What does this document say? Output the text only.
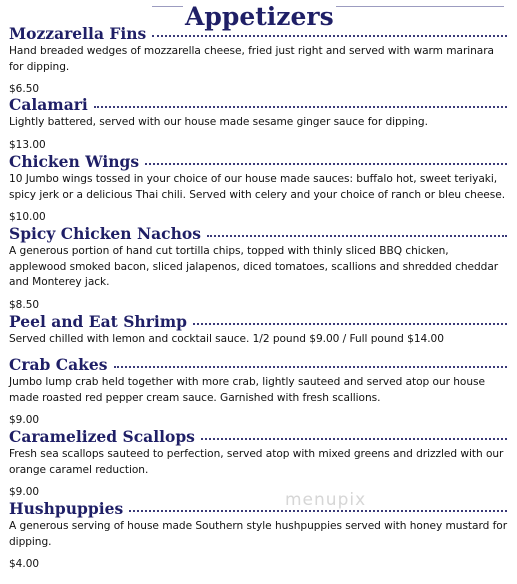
Appetizers
Mozzarella Fins

Hand breaded wedges of mozzarella cheese, fried just right and served with warm marinara for dipping.

$6.50
Calamari

Lightly battered, served with our house made sesame ginger sauce for dipping.

$13.00
Chicken Wings

10 Jumbo wings tossed in your choice of our house made sauces: buffalo hot, sweet teriyaki, spicy jerk or a delicious Thai chili. Served with celery and your choice of ranch or bleu cheese.

$10.00
Spicy Chicken Nachos

A generous portion of hand cut tortilla chips, topped with thinly sliced BBQ chicken, applewood smoked bacon, sliced jalapenos, diced tomatoes, scallions and shredded cheddar and Monterey jack.

$8.50
Peel and Eat Shrimp

Served chilled with lemon and cocktail sauce. 1/2 pound $9.00 / Full pound $14.00

Crab Cakes

Jumbo lump crab held together with more crab, lightly sauteed and served atop our house made roasted red pepper cream sauce. Garnished with fresh scallions.

$9.00
Caramelized Scallops

Fresh sea scallops sauteed to perfection, served atop with mixed greens and drizzled with our orange caramel reduction.

$9.00
Hushpuppies

A generous serving of house made Southern style hushpuppies served with honey mustard for dipping.

$4.00
menupix
